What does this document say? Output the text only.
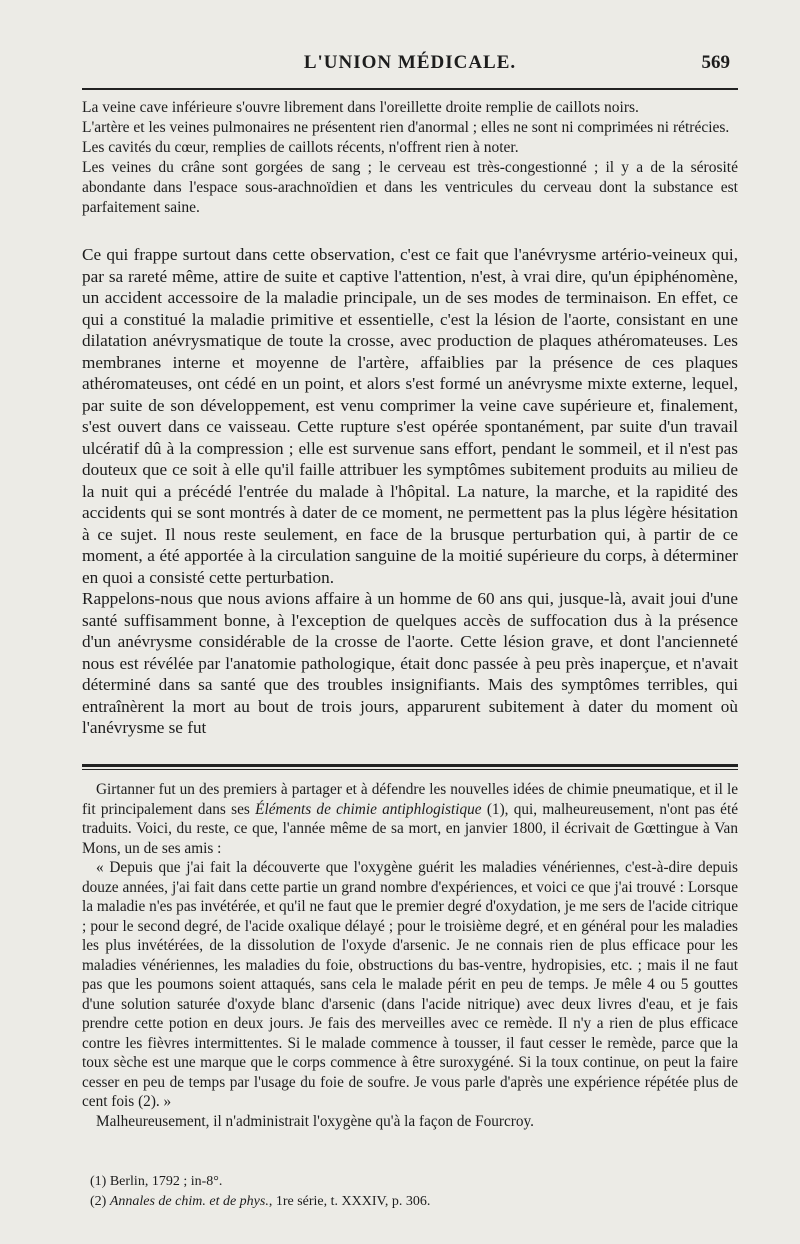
L'UNION MÉDICALE.	569

La veine cave inférieure s'ouvre librement dans l'oreillette droite remplie de caillots noirs.

L'artère et les veines pulmonaires ne présentent rien d'anormal ; elles ne sont ni comprimées ni rétrécies.

Les cavités du cœur, remplies de caillots récents, n'offrent rien à noter.

Les veines du crâne sont gorgées de sang ; le cerveau est très-congestionné ; il y a de la sérosité abondante dans l'espace sous-arachnoïdien et dans les ventricules du cerveau dont la substance est parfaitement saine.

Ce qui frappe surtout dans cette observation, c'est ce fait que l'anévrysme artério-veineux qui, par sa rareté même, attire de suite et captive l'attention, n'est, à vrai dire, qu'un épiphénomène, un accident accessoire de la maladie principale, un de ses modes de terminaison. En effet, ce qui a constitué la maladie primitive et essentielle, c'est la lésion de l'aorte, consistant en une dilatation anévrysmatique de toute la crosse, avec production de plaques athéromateuses. Les membranes interne et moyenne de l'artère, affaiblies par la présence de ces plaques athéromateuses, ont cédé en un point, et alors s'est formé un anévrysme mixte externe, lequel, par suite de son développement, est venu comprimer la veine cave supérieure et, finalement, s'est ouvert dans ce vaisseau. Cette rupture s'est opérée spontanément, par suite d'un travail ulcératif dû à la compression ; elle est survenue sans effort, pendant le sommeil, et il n'est pas douteux que ce soit à elle qu'il faille attribuer les symptômes subitement produits au milieu de la nuit qui a précédé l'entrée du malade à l'hôpital. La nature, la marche, et la rapidité des accidents qui se sont montrés à dater de ce moment, ne permettent pas la plus légère hésitation à ce sujet. Il nous reste seulement, en face de la brusque perturbation qui, à partir de ce moment, a été apportée à la circulation sanguine de la moitié supérieure du corps, à déterminer en quoi a consisté cette perturbation.

Rappelons-nous que nous avions affaire à un homme de 60 ans qui, jusque-là, avait joui d'une santé suffisamment bonne, à l'exception de quelques accès de suffocation dus à la présence d'un anévrysme considérable de la crosse de l'aorte. Cette lésion grave, et dont l'ancienneté nous est révélée par l'anatomie pathologique, était donc passée à peu près inaperçue, et n'avait déterminé dans sa santé que des troubles insignifiants. Mais des symptômes terribles, qui entraînèrent la mort au bout de trois jours, apparurent subitement à dater du moment où l'anévrysme se fut

Girtanner fut un des premiers à partager et à défendre les nouvelles idées de chimie pneumatique, et il le fit principalement dans ses Éléments de chimie antiphlogistique (1), qui, malheureusement, n'ont pas été traduits. Voici, du reste, ce que, l'année même de sa mort, en janvier 1800, il écrivait de Gœttingue à Van Mons, un de ses amis :

« Depuis que j'ai fait la découverte que l'oxygène guérit les maladies vénériennes, c'est-à-dire depuis douze années, j'ai fait dans cette partie un grand nombre d'expériences, et voici ce que j'ai trouvé : Lorsque la maladie n'es pas invétérée, et qu'il ne faut que le premier degré d'oxydation, je me sers de l'acide citrique ; pour le second degré, de l'acide oxalique délayé ; pour le troisième degré, et en général pour les maladies les plus invétérées, de la dissolution de l'oxyde d'arsenic. Je ne connais rien de plus efficace pour les maladies vénériennes, les maladies du foie, obstructions du bas-ventre, hydropisies, etc. ; mais il ne faut pas que les poumons soient attaqués, sans cela le malade périt en peu de temps. Je mêle 4 ou 5 gouttes d'une solution saturée d'oxyde blanc d'arsenic (dans l'acide nitrique) avec deux livres d'eau, et je fais prendre cette potion en deux jours. Je fais des merveilles avec ce remède. Il n'y a rien de plus efficace contre les fièvres intermittentes. Si le malade commence à tousser, il faut cesser le remède, parce que la toux sèche est une marque que le corps commence à être suroxygéné. Si la toux continue, on peut la faire cesser en peu de temps par l'usage du foie de soufre. Je vous parle d'après une expérience répétée plus de cent fois (2). »

Malheureusement, il n'administrait l'oxygène qu'à la façon de Fourcroy.

(1) Berlin, 1792 ; in-8°.
(2) Annales de chim. et de phys., 1re série, t. XXXIV, p. 306.
